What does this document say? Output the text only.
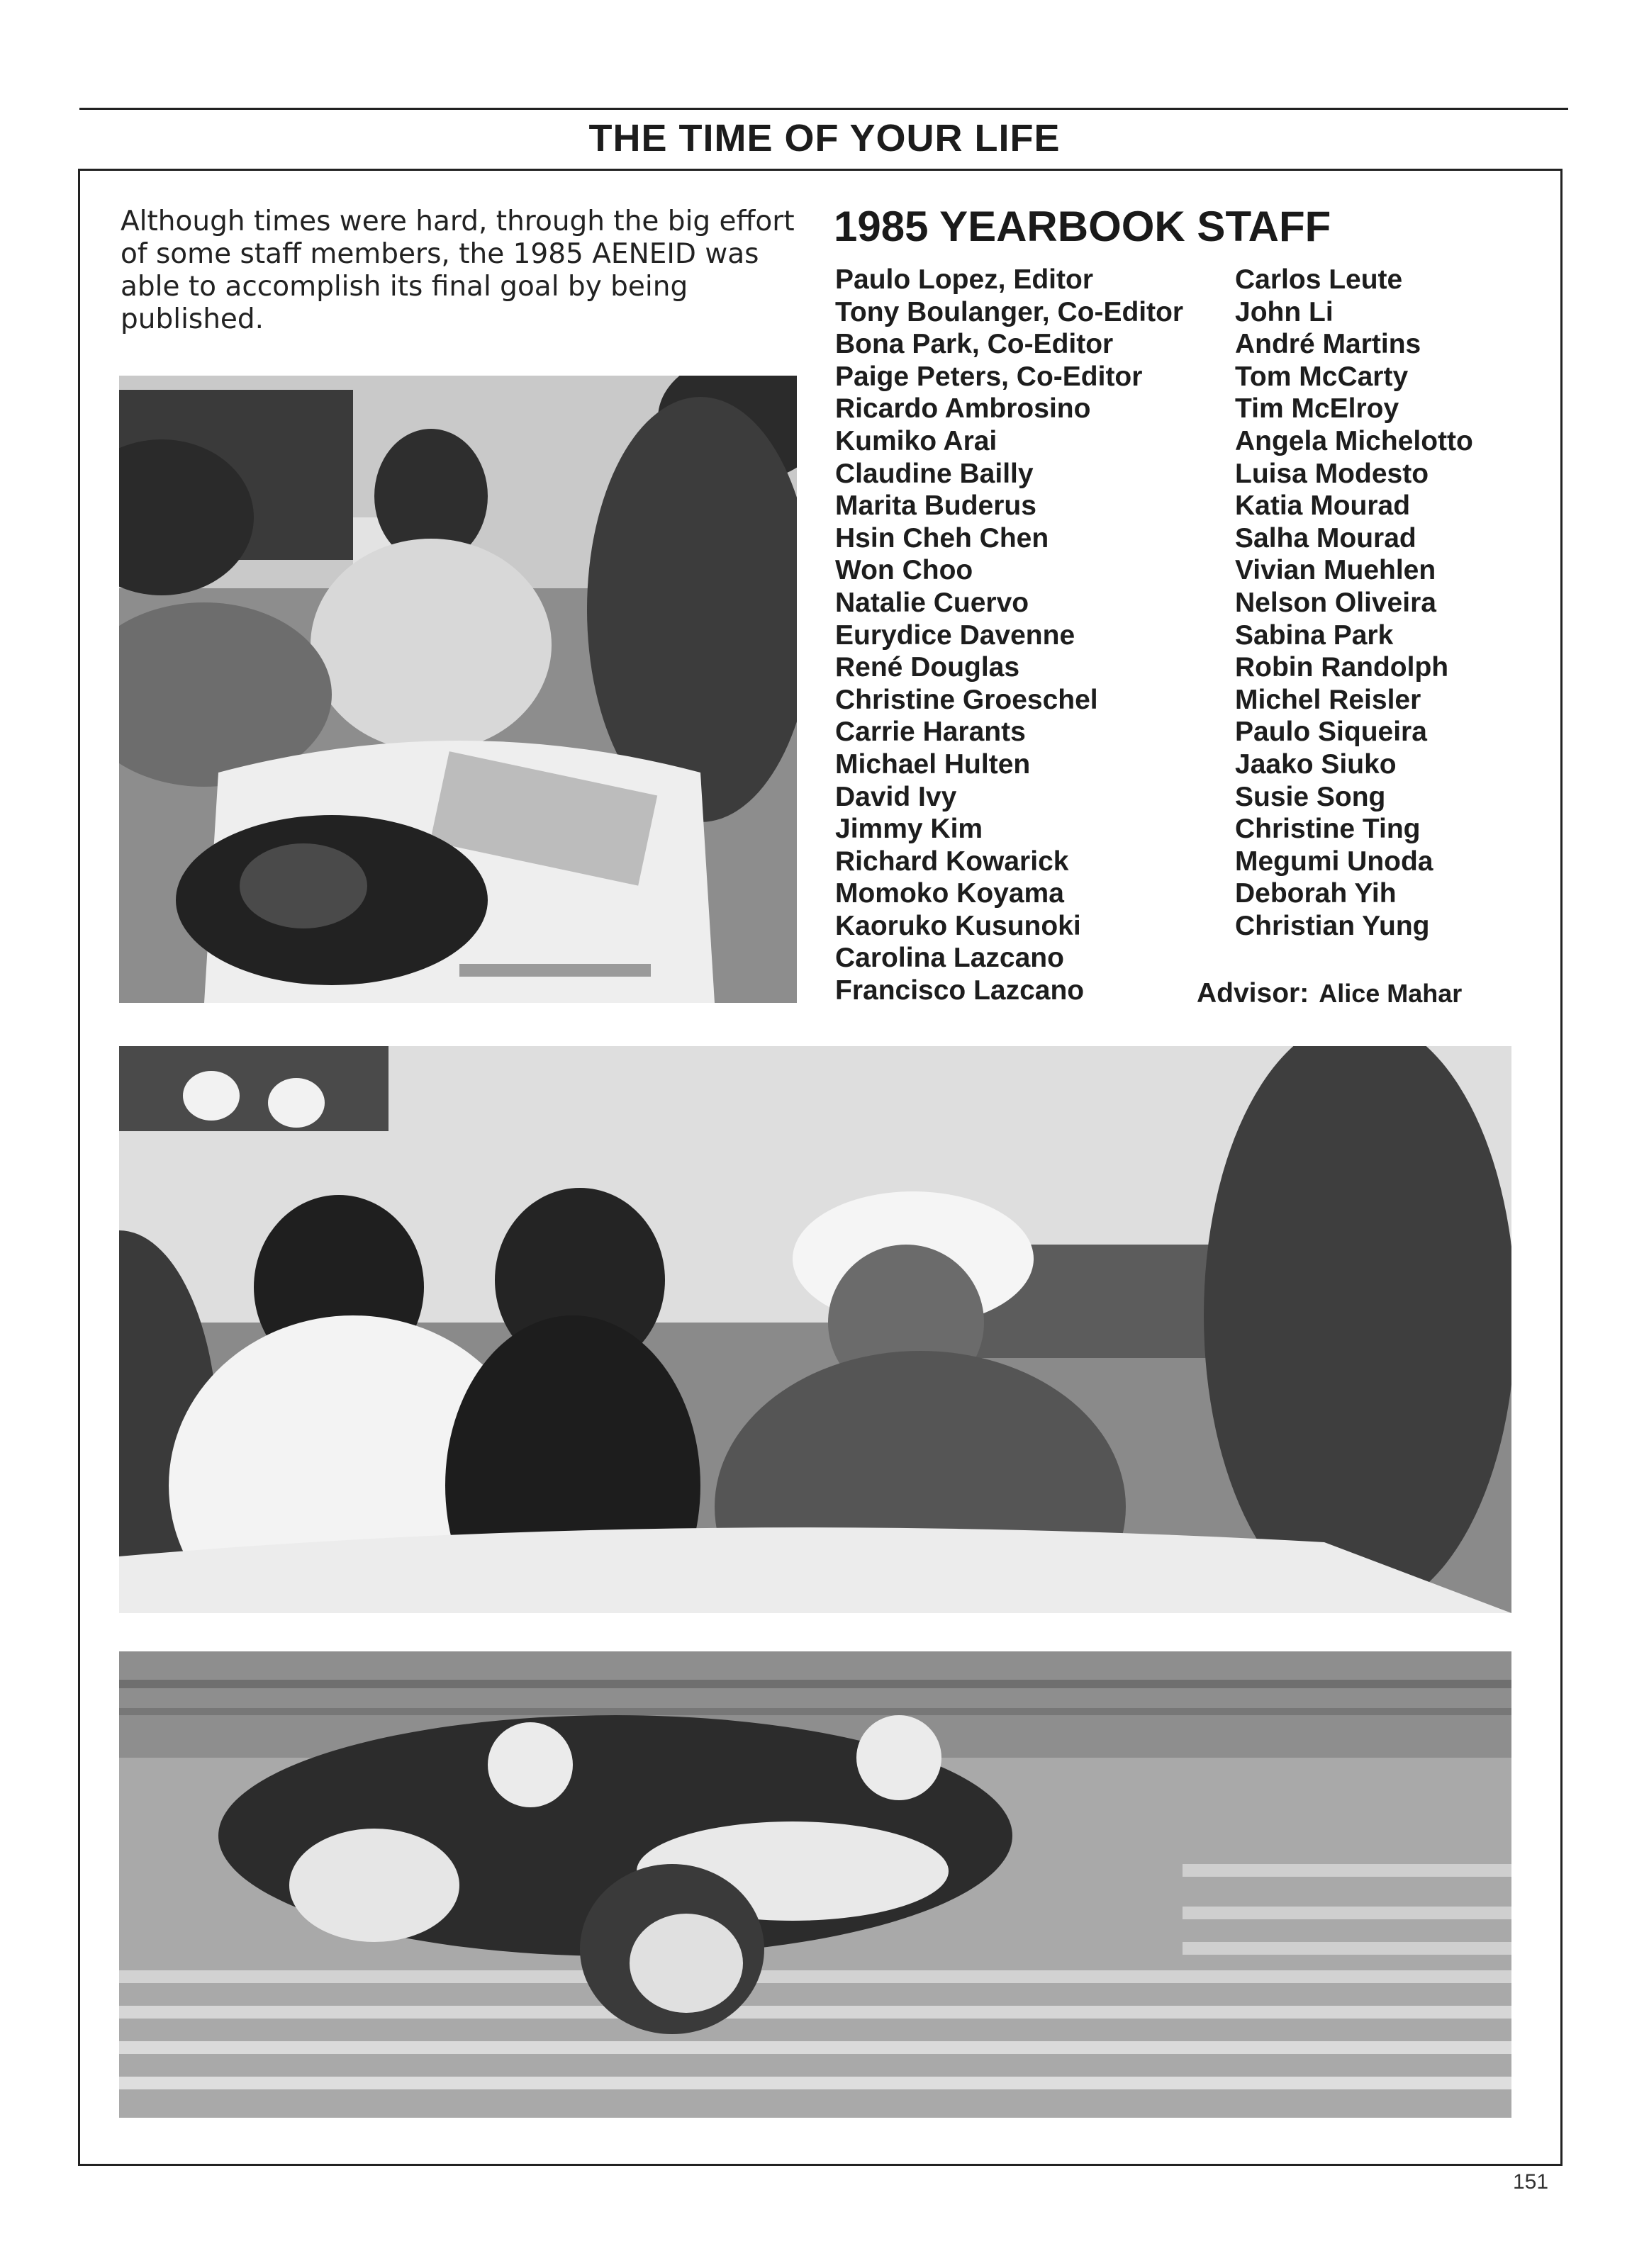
THE TIME OF YOUR LIFE
Although times were hard, through the big effort of some staff members, the 1985 AENEID was able to accomplish its final goal by being published.
1985 YEARBOOK STAFF
Paulo Lopez, Editor
Tony Boulanger, Co-Editor
Bona Park, Co-Editor
Paige Peters, Co-Editor
Ricardo Ambrosino
Kumiko Arai
Claudine Bailly
Marita Buderus
Hsin Cheh Chen
Won Choo
Natalie Cuervo
Eurydice Davenne
René Douglas
Christine Groeschel
Carrie Harants
Michael Hulten
David Ivy
Jimmy Kim
Richard Kowarick
Momoko Koyama
Kaoruko Kusunoki
Carolina Lazcano
Francisco Lazcano
Carlos Leute
John Li
André Martins
Tom McCarty
Tim McElroy
Angela Michelotto
Luisa Modesto
Katia Mourad
Salha Mourad
Vivian Muehlen
Nelson Oliveira
Sabina Park
Robin Randolph
Michel Reisler
Paulo Siqueira
Jaako Siuko
Susie Song
Christine Ting
Megumi Unoda
Deborah Yih
Christian Yung
Advisor: Alice Mahar
151
